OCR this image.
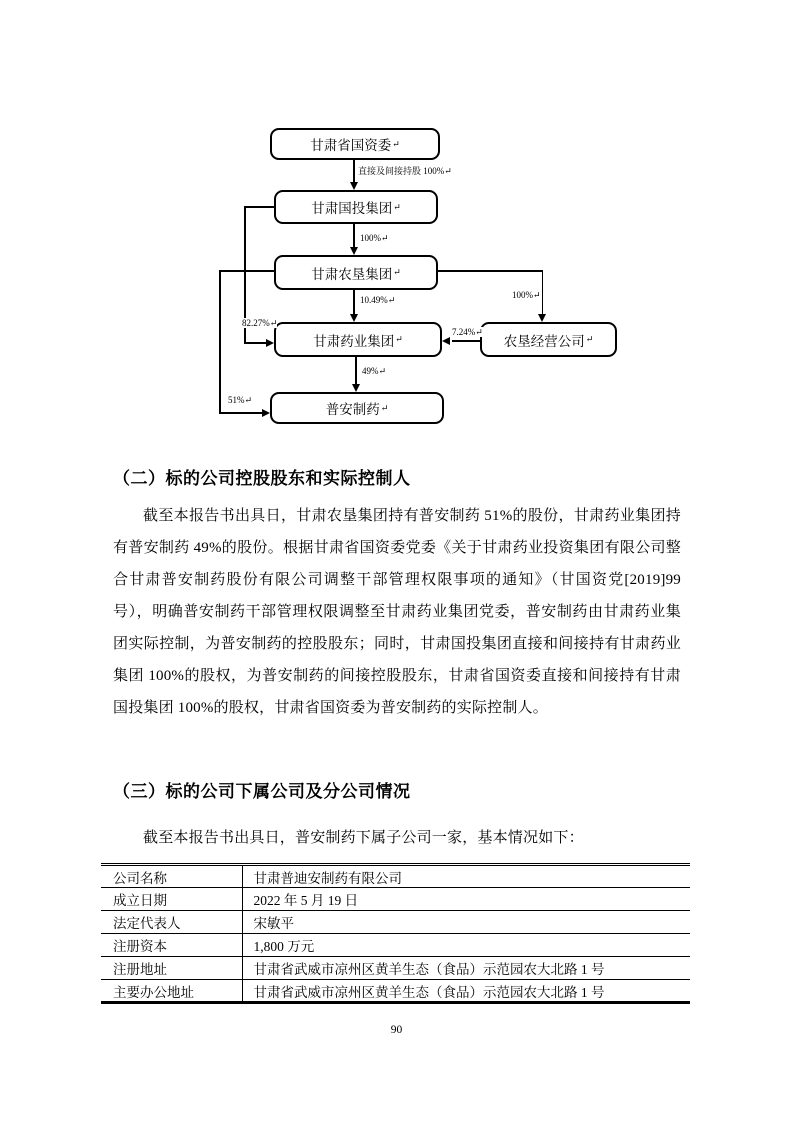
甘肃省国资委 ↵
甘肃国投集团 ↵
甘肃农垦集团 ↵
甘肃药业集团 ↵
普安制药 ↵
农垦经营公司 ↵
直接及间接持股 100%↵
100%↵
10.49%↵
82.27%↵
49%↵
51%↵
100%↵
7.24%↵
（二）标的公司控股股东和实际控制人
截至本报告书出具日，甘肃农垦集团持有普安制药 51%的股份，甘肃药业集团持有普安制药 49%的股份。根据甘肃省国资委党委《关于甘肃药业投资集团有限公司整合甘肃普安制药股份有限公司调整干部管理权限事项的通知》（甘国资党[2019]99 号），明确普安制药干部管理权限调整至甘肃药业集团党委，普安制药由甘肃药业集团实际控制，为普安制药的控股股东；同时，甘肃国投集团直接和间接持有甘肃药业集团 100%的股权，为普安制药的间接控股股东，甘肃省国资委直接和间接持有甘肃国投集团 100%的股权，甘肃省国资委为普安制药的实际控制人。
（三）标的公司下属公司及分公司情况
截至本报告书出具日，普安制药下属子公司一家，基本情况如下：
公司名称	甘肃普迪安制药有限公司
成立日期	2022 年 5 月 19 日
法定代表人	宋敏平
注册资本	1,800 万元
注册地址	甘肃省武威市凉州区黄羊生态（食品）示范园农大北路 1 号
主要办公地址	甘肃省武威市凉州区黄羊生态（食品）示范园农大北路 1 号
90
